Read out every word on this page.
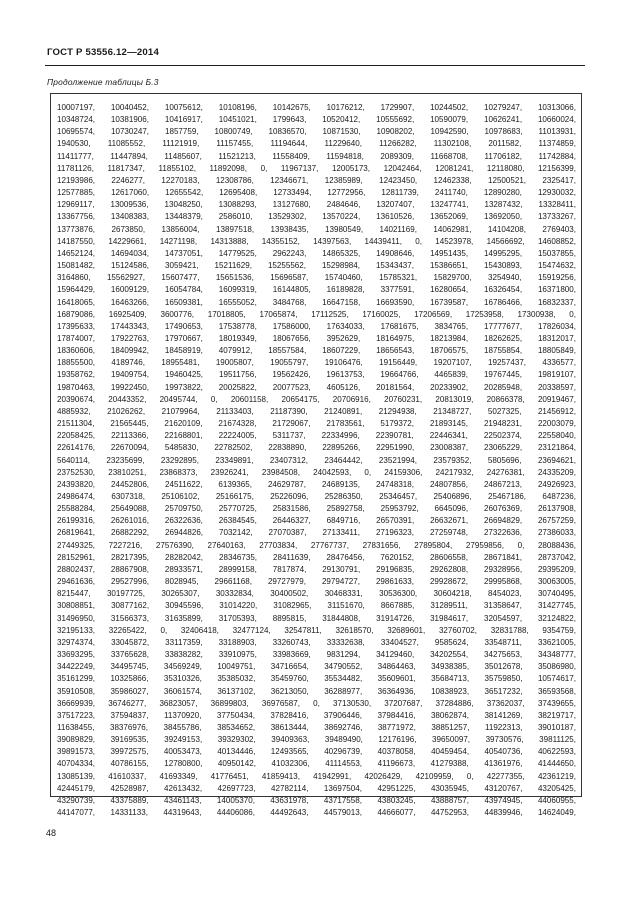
ГОСТ Р 53556.12—2014
Продолжение таблицы Б.3
10007197, 10040452, 10075612, 10108196, 10142675, 10176212, 1729907, 10244502, 10279247, 10313066,
10348724, 10381906, 10416917, 10451021, 1799643, 10520412, 10555692, 10590079, 10626241, 10660024,
10695574, 10730247, 1857759, 10800749, 10836570, 10871530, 10908202, 10942590, 10978683, 11013931,
1940530, 11085552, 11121919, 11157455, 11194644, 11229640, 11266282, 11302108, 2011582, 11374859,
11411777, 11447894, 11485607, 11521213, 11558409, 11594818, 2089309, 11668708, 11706182, 11742884,
11781126, 11817347, 11855102, 11892098, 0, 11967137, 12005173, 12042464, 12081241, 12118080, 12156399,
12193986, 2246277, 12270183, 12308786, 12346671, 12385989, 12423450, 12462338, 12500521, 2325417,
12577885, 12617060, 12655542, 12695408, 12733494, 12772956, 12811739, 2411740, 12890280, 12930032,
12969117, 13009536, 13048250, 13088293, 13127680, 2484646, 13207407, 13247741, 13287432, 13328411,
13367756, 13408383, 13448379, 2586010, 13529302, 13570224, 13610526, 13652069, 13692050, 13733267,
13773876, 2673850, 13856004, 13897518, 13938435, 13980549, 14021169, 14062981, 14104208, 2769403,
14187550, 14229661, 14271198, 14313888, 14355152, 14397563, 14439411, 0, 14523978, 14566692, 14608852,
14652124, 14694034, 14737051, 14779525, 2962243, 14865325, 14908646, 14951435, 14995295, 15037855,
15081482, 15124586, 3059421, 15211629, 15255562, 15298984, 15343437, 15386651, 15430893, 15474632,
3164860, 15562927, 15607477, 15651536, 15696587, 15740460, 15785321, 15829700, 3254940, 15919256,
15964429, 16009129, 16054784, 16099319, 16144805, 16189828, 3377591, 16280654, 16326454, 16371800,
16418065, 16463266, 16509381, 16555052, 3484768, 16647158, 16693590, 16739587, 16786466, 16832337,
16879086, 16925409, 3600776, 17018805, 17065874, 17112525, 17160025, 17206569, 17253958, 17300938, 0,
17395633, 17443343, 17490653, 17538778, 17586000, 17634033, 17681675, 3834765, 17777677, 17826034,
17874007, 17922763, 17970667, 18019349, 18067656, 3952629, 18164975, 18213984, 18262625, 18312017,
18360606, 18409942, 18458919, 4079912, 18557584, 18607229, 18656543, 18706575, 18755854, 18805849,
18855500, 4189746, 18955481, 19005807, 19055797, 19106476, 19156449, 19207107, 19257437, 4336577,
19358762, 19409754, 19460425, 19511756, 19562426, 19613753, 19664766, 4465839, 19767445, 19819107,
19870463, 19922450, 19973822, 20025822, 20077523, 4605126, 20181564, 20233902, 20285948, 20338597,
20390674, 20443352, 20495744, 0, 20601158, 20654175, 20706916, 20760231, 20813019, 20866378, 20919467,
4885932, 21026262, 21079964, 21133403, 21187390, 21240891, 21294938, 21348727, 5027325, 21456912,
21511304, 21565445, 21620109, 21674328, 21729067, 21783561, 5179372, 21893145, 21948231, 22003079,
22058425, 22113366, 22168801, 22224005, 5311737, 22334996, 22390781, 22446341, 22502374, 22558040,
22614176, 22670094, 5485830, 22782502, 22838890, 22895266, 22951990, 23008387, 23065229, 23121864,
5640114, 23235699, 23292895, 23349891, 23407312, 23464442, 23521994, 23579352, 5805696, 23694621,
23752530, 23810251, 23868373, 23926241, 23984508, 24042593, 0, 24159306, 24217932, 24276381, 24335209,
24393820, 24452806, 24511622, 6139365, 24629787, 24689135, 24748318, 24807856, 24867213, 24926923,
24986474, 6307318, 25106102, 25166175, 25226096, 25286350, 25346457, 25406896, 25467186, 6487236,
25588284, 25649088, 25709750, 25770725, 25831586, 25892758, 25953792, 6645096, 26076369, 26137908,
26199316, 26261016, 26322636, 26384545, 26446327, 6849716, 26570391, 26632671, 26694829, 26757259,
26819641, 26882292, 26944826, 7032142, 27070387, 27133411, 27196323, 27259748, 27322636, 27386033,
27449325, 7227216, 27576390, 27640163, 27703834, 27767737, 27831656, 27895804, 27959856, 0, 28088436,
28152961, 28217395, 28282042, 28346735, 28411639, 28476456, 7620152, 28606558, 28671841, 28737042,
28802437, 28867908, 28933571, 28999158, 7817874, 29130791, 29196835, 29262808, 29328956, 29395209,
29461636, 29527996, 8028945, 29661168, 29727979, 29794727, 29861633, 29928672, 29995868, 30063005,
8215447, 30197725, 30265307, 30332834, 30400502, 30468331, 30536300, 30604218, 8454023, 30740495,
30808851, 30877162, 30945596, 31014220, 31082965, 31151670, 8667885, 31289511, 31358647, 31427745,
31496950, 31566373, 31635899, 31705393, 8895815, 31844808, 31914726, 31984617, 32054597, 32124822,
32195133, 32265422, 0, 32406418, 32477124, 32547811, 32618570, 32689601, 32760702, 32831788, 9354759,
32974374, 33045872, 33117359, 33188903, 33260743, 33332638, 33404527, 9585624, 33548711, 33621005,
33693295, 33765628, 33838282, 33910975, 33983669, 9831294, 34129460, 34202554, 34275653, 34348777,
34422249, 34495745, 34569249, 10049751, 34716654, 34790552, 34864463, 34938385, 35012678, 35086980,
35161299, 10325866, 35310326, 35385032, 35459760, 35534482, 35609601, 35684713, 35759850, 10574617,
35910508, 35986027, 36061574, 36137102, 36213050, 36288977, 36364936, 10838923, 36517232, 36593568,
36669939, 36746277, 36823057, 36899803, 36976587, 0, 37130530, 37207687, 37284886, 37362037, 37439655,
37517223, 37594837, 11370920, 37750434, 37828416, 37906446, 37984416, 38062874, 38141269, 38219717,
11638455, 38376976, 38455786, 38534652, 38613444, 38692746, 38771972, 38851257, 11922313, 39010187,
39089829, 39169535, 39249153, 39329302, 39409363, 39489490, 12176196, 39650097, 39730576, 39811125,
39891573, 39972575, 40053473, 40134446, 12493565, 40296739, 40378058, 40459454, 40540736, 40622593,
40704334, 40786155, 12780800, 40950142, 41032306, 41114553, 41196673, 41279388, 41361976, 41444650,
13085139, 41610337, 41693349, 41776451, 41859413, 41942991, 42026429, 42109959, 0, 42277355, 42361219,
42445179, 42528987, 42613432, 42697723, 42782114, 13697504, 42951225, 43035945, 43120767, 43205425,
43290739, 43375889, 43461143, 14005370, 43631978, 43717558, 43803245, 43888757, 43974945, 44060955,
44147077, 14331133, 44319643, 44406086, 44492643, 44579013, 44666077, 44752953, 44839946, 14624049,
48
